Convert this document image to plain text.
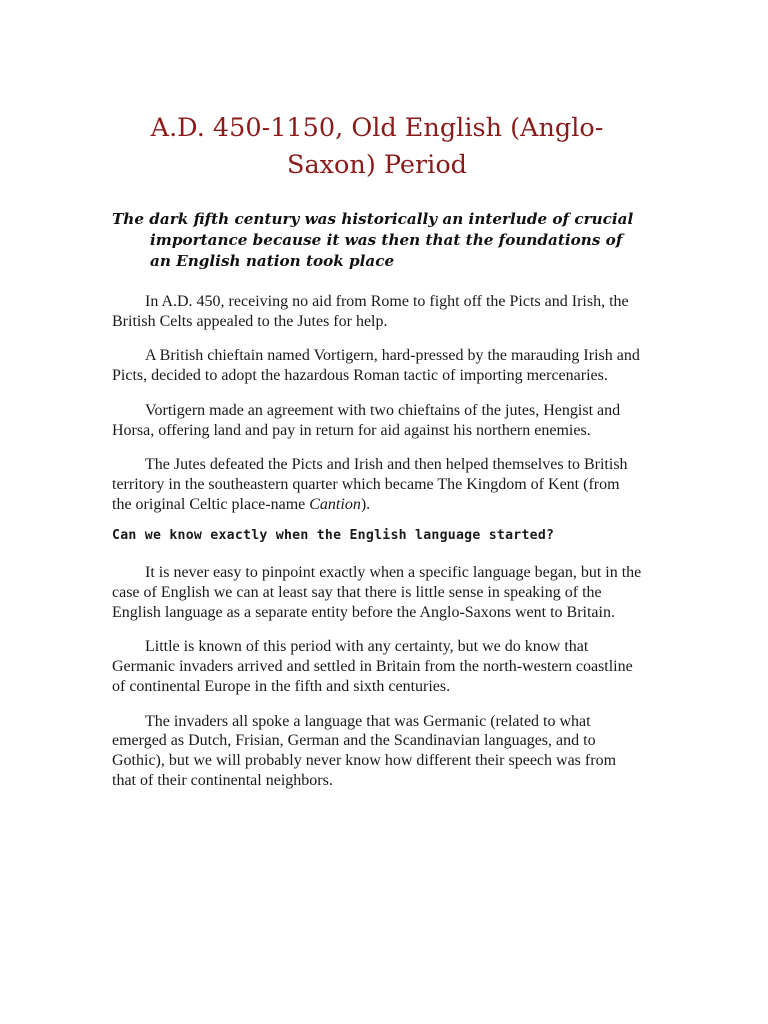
A.D. 450-1150, Old English (Anglo-Saxon) Period

The dark fifth century was historically an interlude of crucial importance because it was then that the foundations of an English nation took place

In A.D. 450, receiving no aid from Rome to fight off the Picts and Irish, the British Celts appealed to the Jutes for help.

A British chieftain named Vortigern, hard-pressed by the marauding Irish and Picts, decided to adopt the hazardous Roman tactic of importing mercenaries.

Vortigern made an agreement with two chieftains of the jutes, Hengist and Horsa, offering land and pay in return for aid against his northern enemies.

The Jutes defeated the Picts and Irish and then helped themselves to British territory in the southeastern quarter which became The Kingdom of Kent (from the original Celtic place-name Cantion).

Can we know exactly when the English language started?

It is never easy to pinpoint exactly when a specific language began, but in the case of English we can at least say that there is little sense in speaking of the English language as a separate entity before the Anglo-Saxons went to Britain.

Little is known of this period with any certainty, but we do know that Germanic invaders arrived and settled in Britain from the north-western coastline of continental Europe in the fifth and sixth centuries.

The invaders all spoke a language that was Germanic (related to what emerged as Dutch, Frisian, German and the Scandinavian languages, and to Gothic), but we will probably never know how different their speech was from that of their continental neighbors.
